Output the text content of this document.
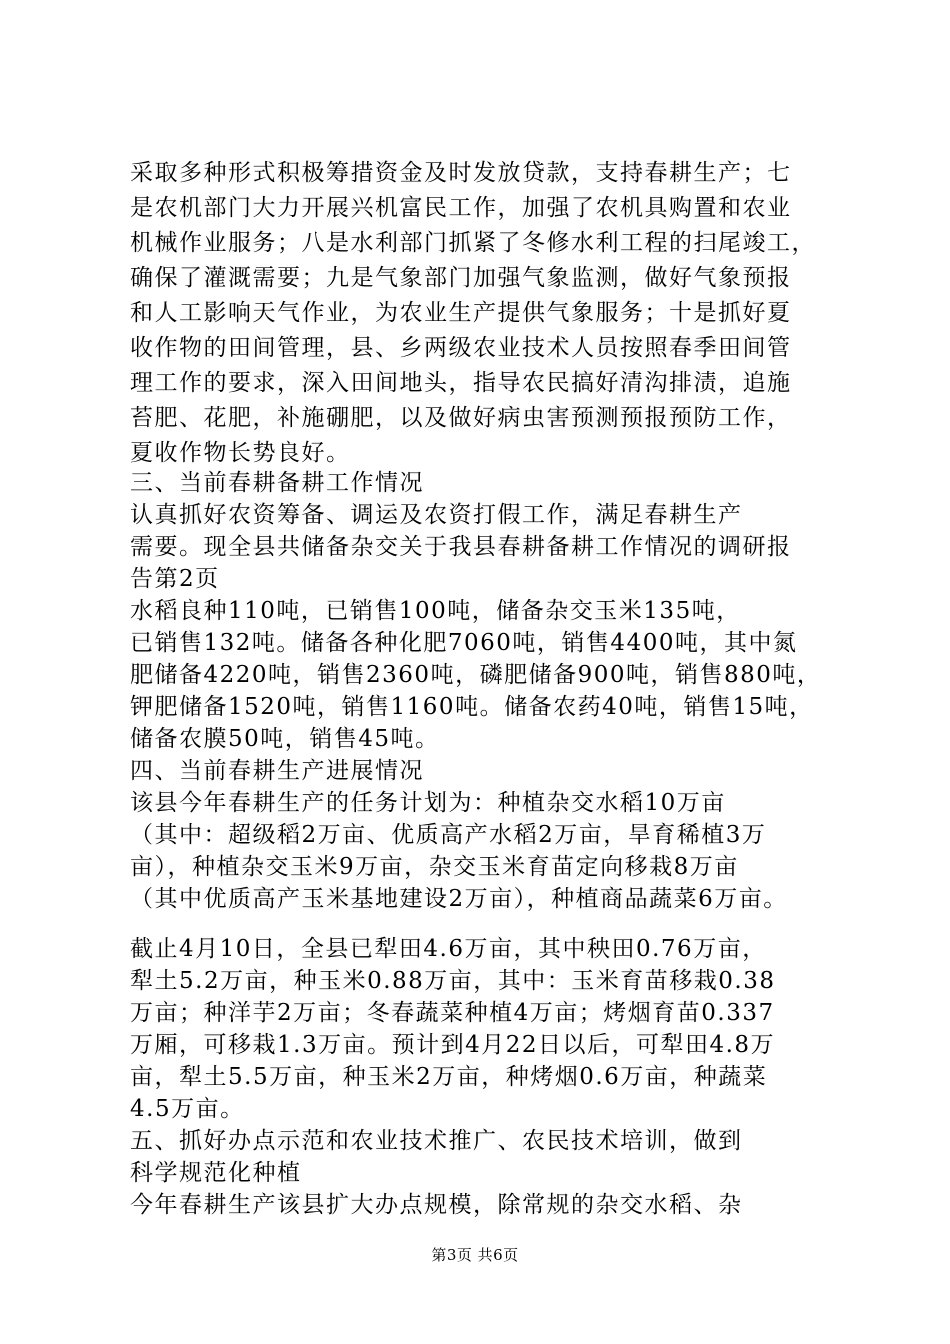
采取多种形式积极筹措资金及时发放贷款，支持春耕生产；七
是农机部门大力开展兴机富民工作，加强了农机具购置和农业
机械作业服务；八是水利部门抓紧了冬修水利工程的扫尾竣工，
确保了灌溉需要；九是气象部门加强气象监测，做好气象预报
和人工影响天气作业，为农业生产提供气象服务；十是抓好夏
收作物的田间管理，县、乡两级农业技术人员按照春季田间管
理工作的要求，深入田间地头，指导农民搞好清沟排渍，追施
苔肥、花肥，补施硼肥，以及做好病虫害预测预报预防工作，
夏收作物长势良好。
三、当前春耕备耕工作情况
认真抓好农资筹备、调运及农资打假工作，满足春耕生产
需要。现全县共储备杂交关于我县春耕备耕工作情况的调研报
告第2页
水稻良种110吨，已销售100吨，储备杂交玉米135吨，
已销售132吨。储备各种化肥7060吨，销售4400吨，其中氮
肥储备4220吨，销售2360吨，磷肥储备900吨，销售880吨，
钾肥储备1520吨，销售1160吨。储备农药40吨，销售15吨，
储备农膜50吨，销售45吨。
四、当前春耕生产进展情况
该县今年春耕生产的任务计划为：种植杂交水稻10万亩
（其中：超级稻2万亩、优质高产水稻2万亩，旱育稀植3万
亩），种植杂交玉米9万亩，杂交玉米育苗定向移栽8万亩
（其中优质高产玉米基地建设2万亩），种植商品蔬菜6万亩。
截止4月10日，全县已犁田4.6万亩，其中秧田0.76万亩，
犁土5.2万亩，种玉米0.88万亩，其中：玉米育苗移栽0.38
万亩；种洋芋2万亩；冬春蔬菜种植4万亩；烤烟育苗0.337
万厢，可移栽1.3万亩。预计到4月22日以后，可犁田4.8万
亩，犁土5.5万亩，种玉米2万亩，种烤烟0.6万亩，种蔬菜
4.5万亩。
五、抓好办点示范和农业技术推广、农民技术培训，做到
科学规范化种植
今年春耕生产该县扩大办点规模，除常规的杂交水稻、杂
第3页 共6页
